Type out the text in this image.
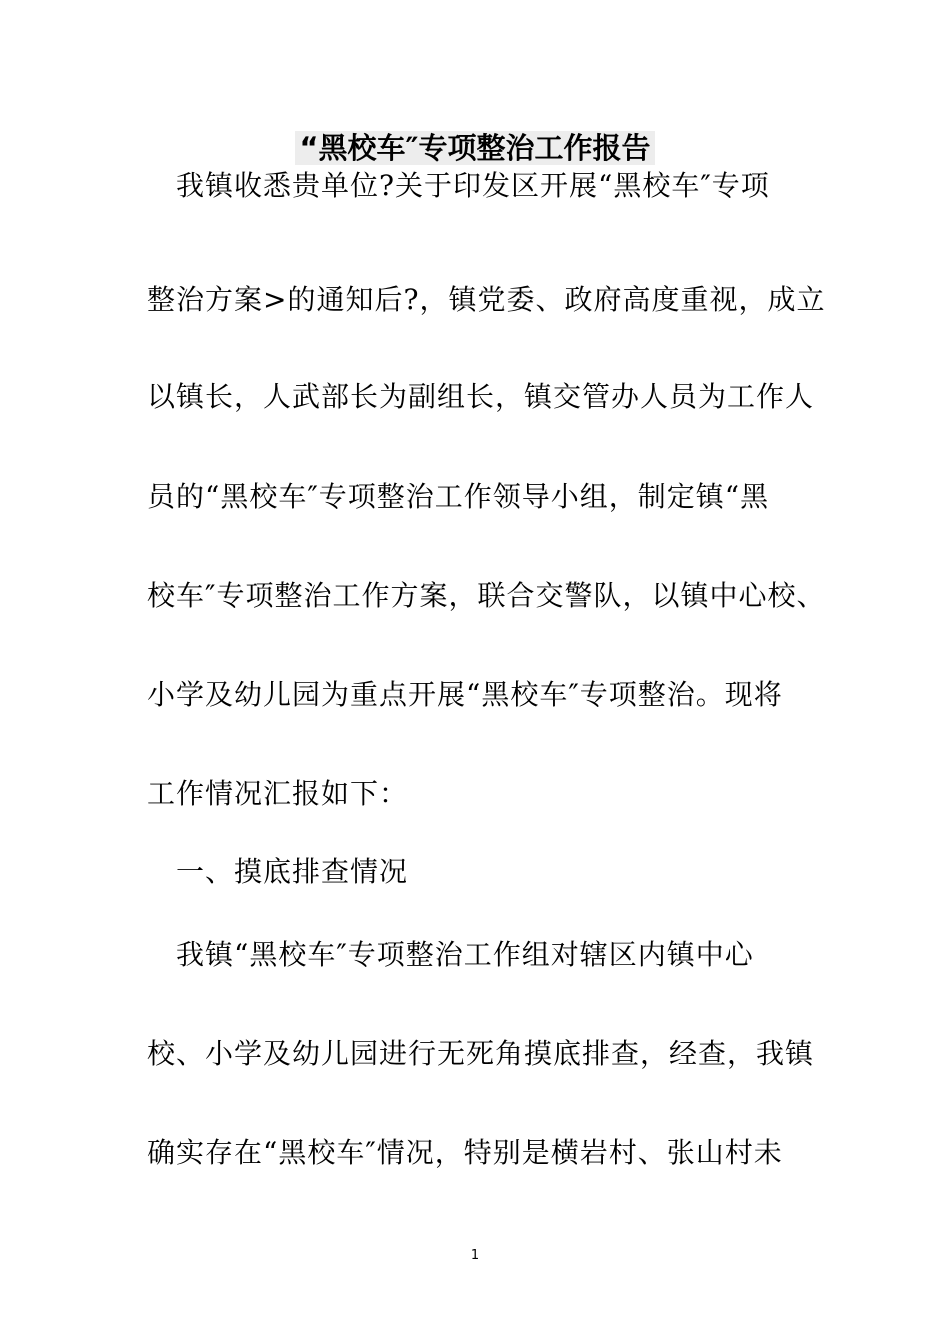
“黑校车″专项整治工作报告
　我镇收悉贵单位?关于印发区开展“黑校车″专项
整治方案>的通知后?，镇党委、政府高度重视，成立
以镇长，人武部长为副组长，镇交管办人员为工作人
员的“黑校车″专项整治工作领导小组，制定镇“黑
校车″专项整治工作方案，联合交警队，以镇中心校、
小学及幼儿园为重点开展“黑校车″专项整治。现将
工作情况汇报如下：
　一、摸底排查情况
　我镇“黑校车″专项整治工作组对辖区内镇中心
校、小学及幼儿园进行无死角摸底排查，经查，我镇
确实存在“黑校车″情况，特别是横岩村、张山村未
1
